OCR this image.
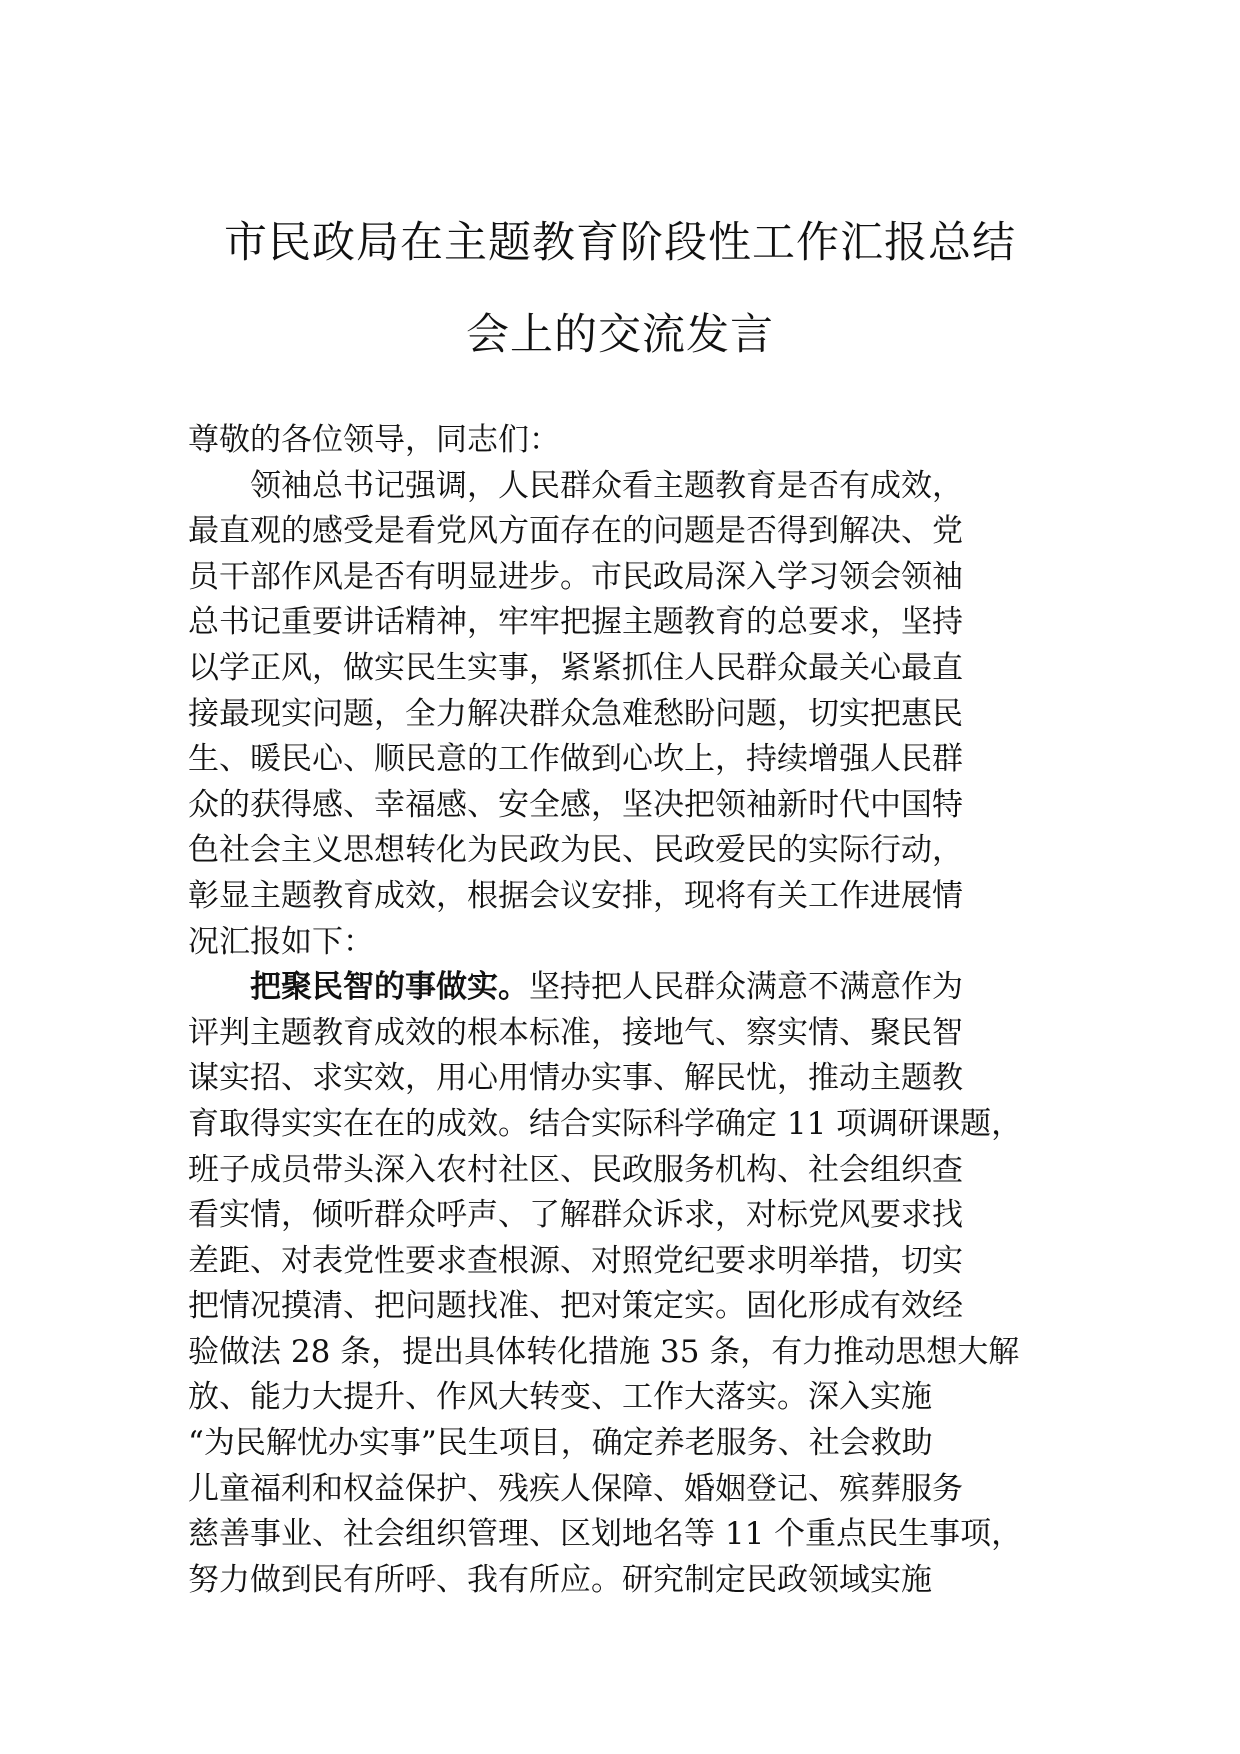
市民政局在主题教育阶段性工作汇报总结
会上的交流发言
尊敬的各位领导，同志们：
领袖总书记强调，人民群众看主题教育是否有成效，
最直观的感受是看党风方面存在的问题是否得到解决、党
员干部作风是否有明显进步。市民政局深入学习领会领袖
总书记重要讲话精神，牢牢把握主题教育的总要求，坚持
以学正风，做实民生实事，紧紧抓住人民群众最关心最直
接最现实问题，全力解决群众急难愁盼问题，切实把惠民
生、暖民心、顺民意的工作做到心坎上，持续增强人民群
众的获得感、幸福感、安全感，坚决把领袖新时代中国特
色社会主义思想转化为民政为民、民政爱民的实际行动，
彰显主题教育成效，根据会议安排，现将有关工作进展情
况汇报如下：
把聚民智的事做实。坚持把人民群众满意不满意作为
评判主题教育成效的根本标准，接地气、察实情、聚民智
谋实招、求实效，用心用情办实事、解民忧，推动主题教
育取得实实在在的成效。结合实际科学确定 11 项调研课题，
班子成员带头深入农村社区、民政服务机构、社会组织查
看实情，倾听群众呼声、了解群众诉求，对标党风要求找
差距、对表党性要求查根源、对照党纪要求明举措，切实
把情况摸清、把问题找准、把对策定实。固化形成有效经
验做法 28 条，提出具体转化措施 35 条，有力推动思想大解
放、能力大提升、作风大转变、工作大落实。深入实施
“为民解忧办实事”民生项目，确定养老服务、社会救助
儿童福利和权益保护、残疾人保障、婚姻登记、殡葬服务
慈善事业、社会组织管理、区划地名等 11 个重点民生事项，
努力做到民有所呼、我有所应。研究制定民政领域实施
